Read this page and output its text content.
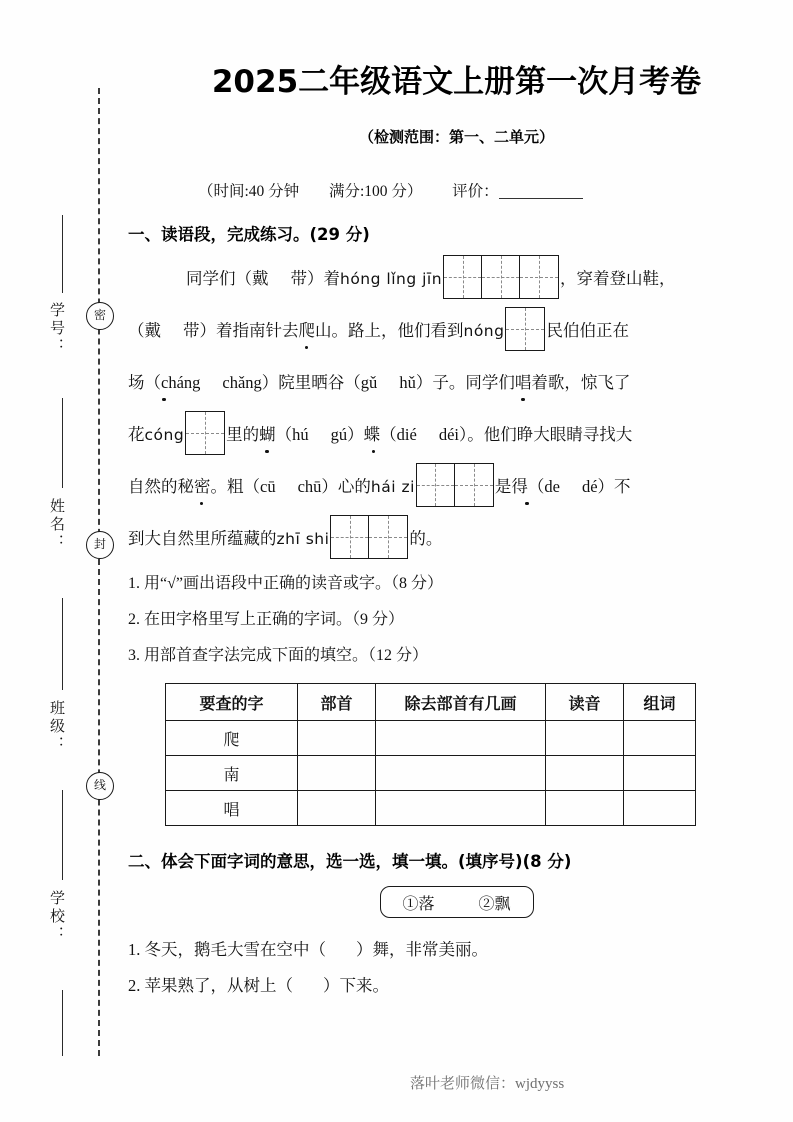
密
封
线
学号：
姓名：
班级：
学校：
2025二年级语文上册第一次月考卷
（检测范围：第一、二单元）
（时间:40 分钟 满分:100 分） 评价：
一、读语段，完成练习。(29 分)
同学们（戴 带）着hóng lǐng jīn	，穿着登山鞋，
（戴 带）着指南针去爬山。路上，他们看到nóng	民伯伯正在
场（cháng chǎng）院里晒谷（gǔ hǔ）子。同学们唱着歌，惊飞了
花cóng	里的蝴（hú gú）蝶（dié déi）。他们睁大眼睛寻找大
自然的秘密。粗（cū chū）心的hái zi	是得（de dé）不
到大自然里所蕴藏的zhī shi	的。
1. 用“√”画出语段中正确的读音或字。（8 分）
2. 在田字格里写上正确的字词。（9 分）
3. 用部首查字法完成下面的填空。（12 分）
要查的字	部首	除去部首有几画	读音	组词
爬				
南				
唱				
二、体会下面字词的意思，选一选，填一填。(填序号)(8 分)
①落	②飘
1. 冬天，鹅毛大雪在空中（ ）舞，非常美丽。
2. 苹果熟了，从树上（ ）下来。
落叶老师微信：wjdyyss
